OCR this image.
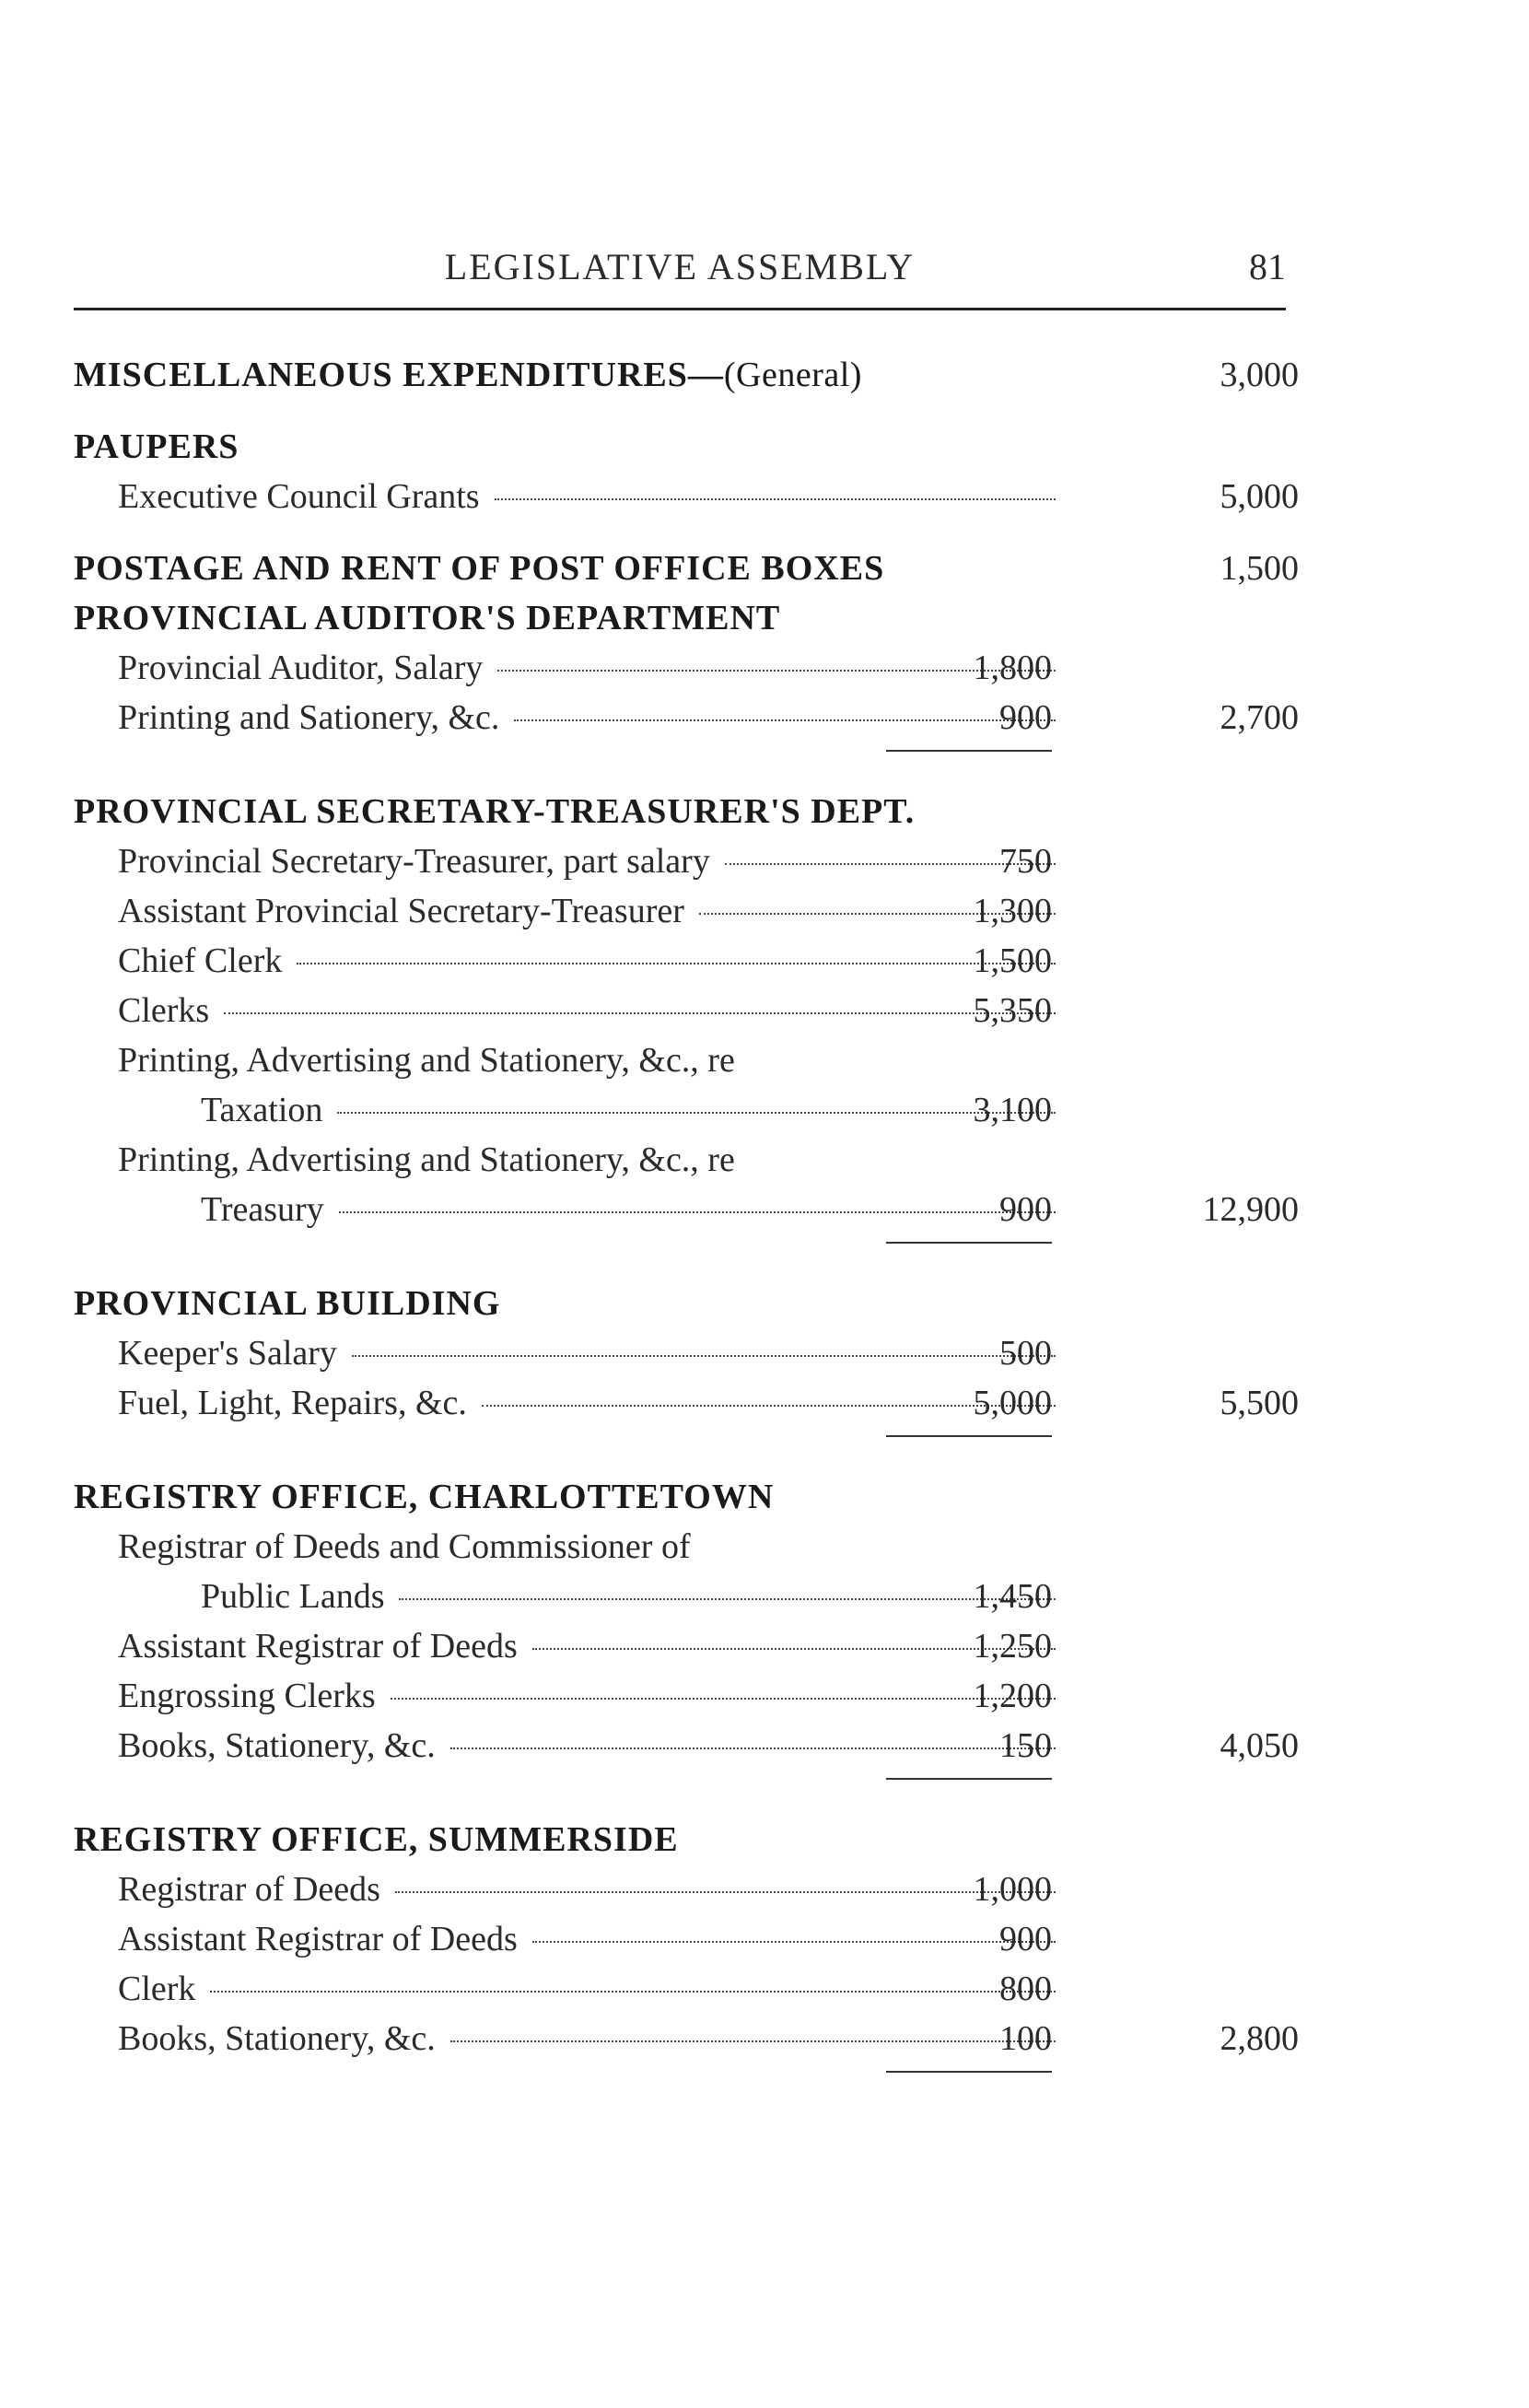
LEGISLATIVE ASSEMBLY	81
MISCELLANEOUS EXPENDITURES—(General)	3,000
PAUPERS
Executive Council Grants	5,000
POSTAGE AND RENT OF POST OFFICE BOXES	1,500
PROVINCIAL AUDITOR'S DEPARTMENT
Provincial Auditor, Salary	1,800
Printing and Sationery, &c.	900	2,700
PROVINCIAL SECRETARY-TREASURER'S DEPT.
Provincial Secretary-Treasurer, part salary	750
Assistant Provincial Secretary-Treasurer	1,300
Chief Clerk	1,500
Clerks	5,350
Printing, Advertising and Stationery, &c., re
Taxation	3,100
Printing, Advertising and Stationery, &c., re
Treasury	900	12,900
PROVINCIAL BUILDING
Keeper's Salary	500
Fuel, Light, Repairs, &c.	5,000	5,500
REGISTRY OFFICE, CHARLOTTETOWN
Registrar of Deeds and Commissioner of
Public Lands	1,450
Assistant Registrar of Deeds	1,250
Engrossing Clerks	1,200
Books, Stationery, &c.	150	4,050
REGISTRY OFFICE, SUMMERSIDE
Registrar of Deeds	1,000
Assistant Registrar of Deeds	900
Clerk	800
Books, Stationery, &c.	100	2,800
